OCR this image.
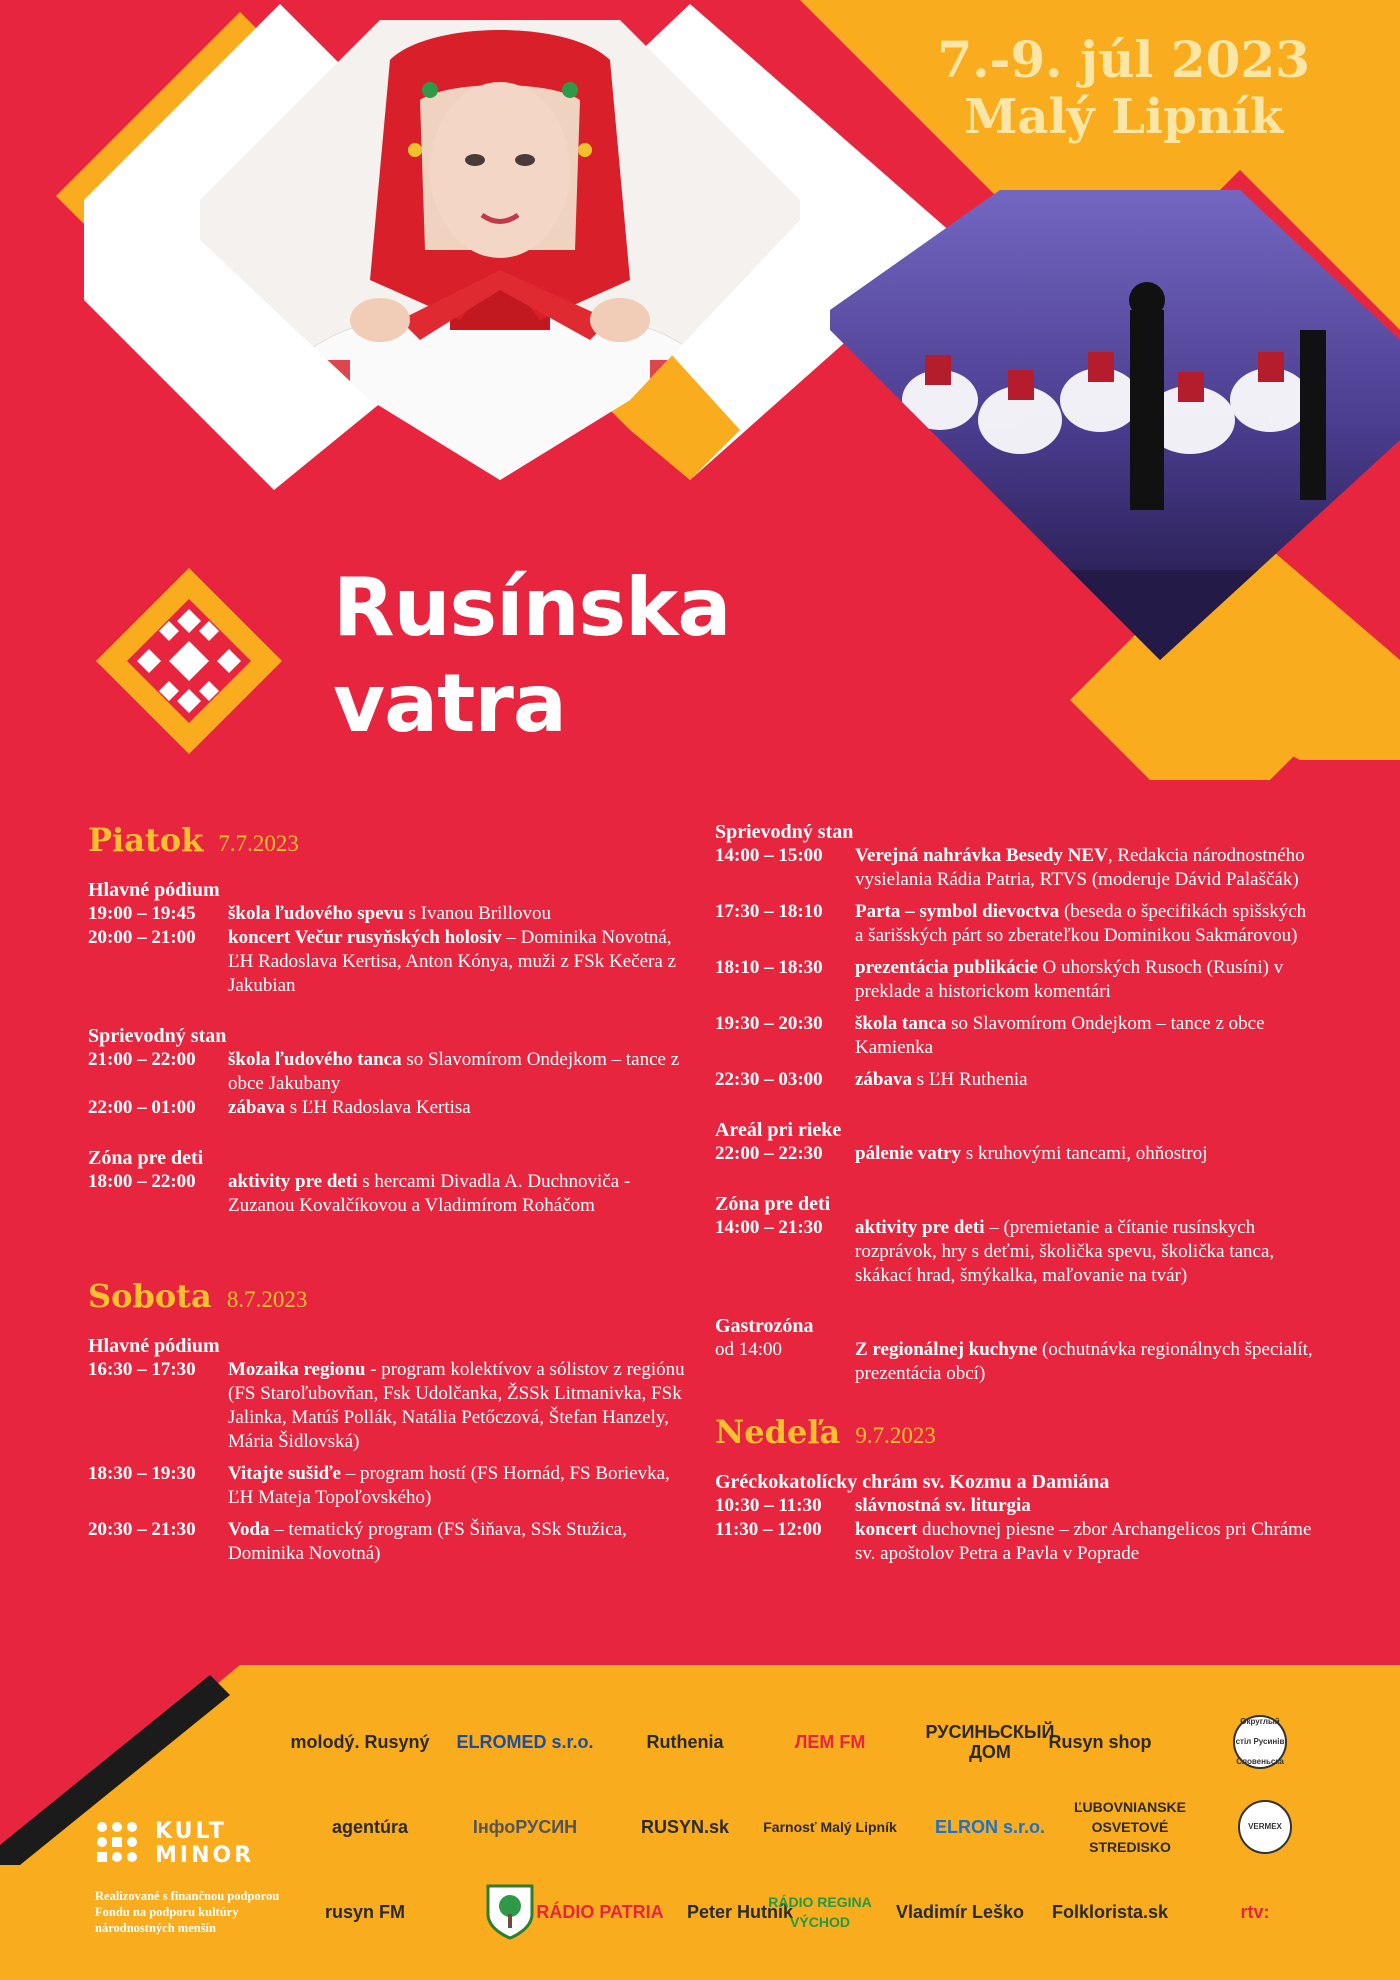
7.-9. júl 2023
Malý Lipník
Rusínska
vatra
Piatok 7.7.2023
Hlavné pódium
19:00 – 19:45	škola ľudového spevu s Ivanou Brillovou
20:00 – 21:00	koncert Večur rusyňských holosiv – Dominika Novotná, ĽH Radoslava Kertisa, Anton Kónya, muži z FSk Kečera z Jakubian
Sprievodný stan
21:00 – 22:00	škola ľudového tanca so Slavomírom Ondejkom – tance z obce Jakubany
22:00 – 01:00	zábava s ĽH Radoslava Kertisa
Zóna pre deti
18:00 – 22:00	aktivity pre deti s hercami Divadla A. Duchnoviča - Zuzanou Kovalčíkovou a Vladimírom Roháčom
Sobota 8.7.2023
Hlavné pódium
16:30 – 17:30	Mozaika regionu - program kolektívov a sólistov z regiónu (FS Staroľubovňan, Fsk Udolčanka, ŽSSk Litmanivka, FSk Jalinka, Matúš Pollák, Natália Petőczová, Štefan Hanzely, Mária Šidlovská)
18:30 – 19:30	Vitajte sušiďe – program hostí (FS Hornád, FS Borievka, ĽH Mateja Topoľovského)
20:30 – 21:30	Voda – tematický program (FS Šiňava, SSk Stužica, Dominika Novotná)
Sprievodný stan
14:00 – 15:00	Verejná nahrávka Besedy NEV, Redakcia národnostného vysielania Rádia Patria, RTVS (moderuje Dávid Palaščák)
17:30 – 18:10	Parta – symbol dievoctva (beseda o špecifikách spišských a šarišských párt so zberateľkou Dominikou Sakmárovou)
18:10 – 18:30	prezentácia publikácie O uhorských Rusoch (Rusíni) v preklade a historickom komentári
19:30 – 20:30	škola tanca so Slavomírom Ondejkom – tance z obce Kamienka
22:30 – 03:00	zábava s ĽH Ruthenia
Areál pri rieke
22:00 – 22:30	pálenie vatry s kruhovými tancami, ohňostroj
Zóna pre deti
14:00 – 21:30	aktivity pre deti – (premietanie a čítanie rusínskych rozprávok, hry s deťmi, školička spevu, školička tanca, skákací hrad, šmýkalka, maľovanie na tvár)
Gastrozóna
od 14:00	Z regionálnej kuchyne (ochutnávka regionálnych špecialít, prezentácia obcí)
Nedeľa 9.7.2023
Gréckokatolícky chrám sv. Kozmu a Damiána
10:30 – 11:30	slávnostná sv. liturgia
11:30 – 12:00	koncert duchovnej piesne – zbor Archangelicos pri Chráme sv. apoštolov Petra a Pavla v Poprade
KULT
MINOR
Realizované s finančnou podporou Fondu na podporu kultúry národnostných menšín
molodý. Rusyný	ELROMED s.r.o.	Ruthenia	ЛЕМ FM	РУСИНЬСКЫЙ ДОМ	Rusyn shop
Округлый стіл Русинів Словеньска
agentúra	ІнфоРУСИН	RUSYN.sk	Farnosť Malý Lipník	ELRON s.r.o.
ĽUBOVNIANSKE OSVETOVÉ STREDISKO
VERMEX
rusyn FM	RÁDIO PATRIA	Peter Hutník
RÁDIO REGINA VÝCHOD	Vladimír Leško	Folklorista.sk	rtv:
